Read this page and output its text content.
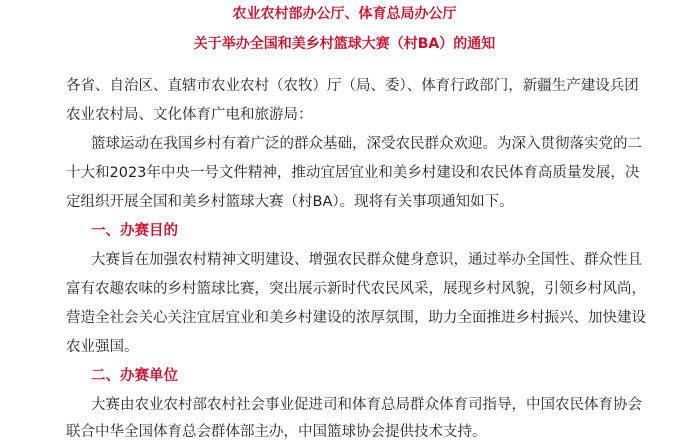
农业农村部办公厅、体育总局办公厅
关于举办全国和美乡村篮球大赛（村BA）的通知
各省、自治区、直辖市农业农村（农牧）厅（局、委）、体育行政部门，新疆生产建设兵团
农业农村局、文化体育广电和旅游局：
篮球运动在我国乡村有着广泛的群众基础，深受农民群众欢迎。为深入贯彻落实党的二
十大和2023年中央一号文件精神，推动宜居宜业和美乡村建设和农民体育高质量发展，决
定组织开展全国和美乡村篮球大赛（村BA）。现将有关事项通知如下。
一、办赛目的
大赛旨在加强农村精神文明建设、增强农民群众健身意识，通过举办全国性、群众性且
富有农趣农味的乡村篮球比赛，突出展示新时代农民风采，展现乡村风貌，引领乡村风尚，
营造全社会关心关注宜居宜业和美乡村建设的浓厚氛围，助力全面推进乡村振兴、加快建设
农业强国。
二、办赛单位
大赛由农业农村部农村社会事业促进司和体育总局群众体育司指导，中国农民体育协会
联合中华全国体育总会群体部主办，中国篮球协会提供技术支持。
